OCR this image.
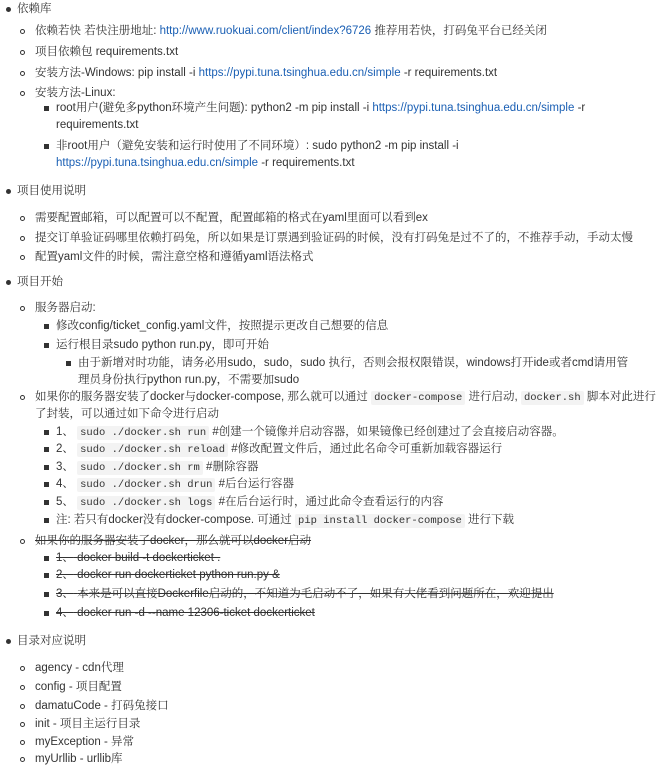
依赖库
依赖若快 若快注册地址: http://www.ruokuai.com/client/index?6726 推荐用若快，打码兔平台已经关闭
项目依赖包 requirements.txt
安装方法-Windows: pip install -i https://pypi.tuna.tsinghua.edu.cn/simple -r requirements.txt
安装方法-Linux:
root用户(避免多python环境产生问题): python2 -m pip install -i https://pypi.tuna.tsinghua.edu.cn/simple -r
requirements.txt
非root用户（避免安装和运行时使用了不同环境）: sudo python2 -m pip install -i
https://pypi.tuna.tsinghua.edu.cn/simple -r requirements.txt
项目使用说明
需要配置邮箱，可以配置可以不配置，配置邮箱的格式在yaml里面可以看到ex
提交订单验证码哪里依赖打码兔，所以如果是订票遇到验证码的时候，没有打码兔是过不了的，不推荐手动，手动太慢
配置yaml文件的时候，需注意空格和遵循yaml语法格式
项目开始
服务器启动:
修改config/ticket_config.yaml文件，按照提示更改自己想要的信息
运行根目录sudo python run.py，即可开始
由于新增对时功能，请务必用sudo，sudo，sudo 执行，否则会报权限错误，windows打开ide或者cmd请用管
理员身份执行python run.py，不需要加sudo
如果你的服务器安装了docker与docker-compose, 那么就可以通过 docker-compose 进行启动, docker.sh 脚本对此进行
了封装，可以通过如下命令进行启动
1、 sudo ./docker.sh run #创建一个镜像并启动容器，如果镜像已经创建过了会直接启动容器。
2、 sudo ./docker.sh reload #修改配置文件后，通过此名命令可重新加载容器运行
3、 sudo ./docker.sh rm #删除容器
4、 sudo ./docker.sh drun #后台运行容器
5、 sudo ./docker.sh logs #在后台运行时，通过此命令查看运行的内容
注: 若只有docker没有docker-compose. 可通过 pip install docker-compose 进行下载
如果你的服务器安装了docker，那么就可以docker启动
1、 docker build -t dockerticket .
2、 docker run dockerticket python run.py &
3、 本来是可以直接Dockerfile启动的，不知道为毛启动不了，如果有大佬看到问题所在，欢迎提出
4、 docker run -d --name 12306-ticket dockerticket
目录对应说明
agency - cdn代理
config - 项目配置
damatuCode - 打码兔接口
init - 项目主运行目录
myException - 异常
myUrllib - urllib库
